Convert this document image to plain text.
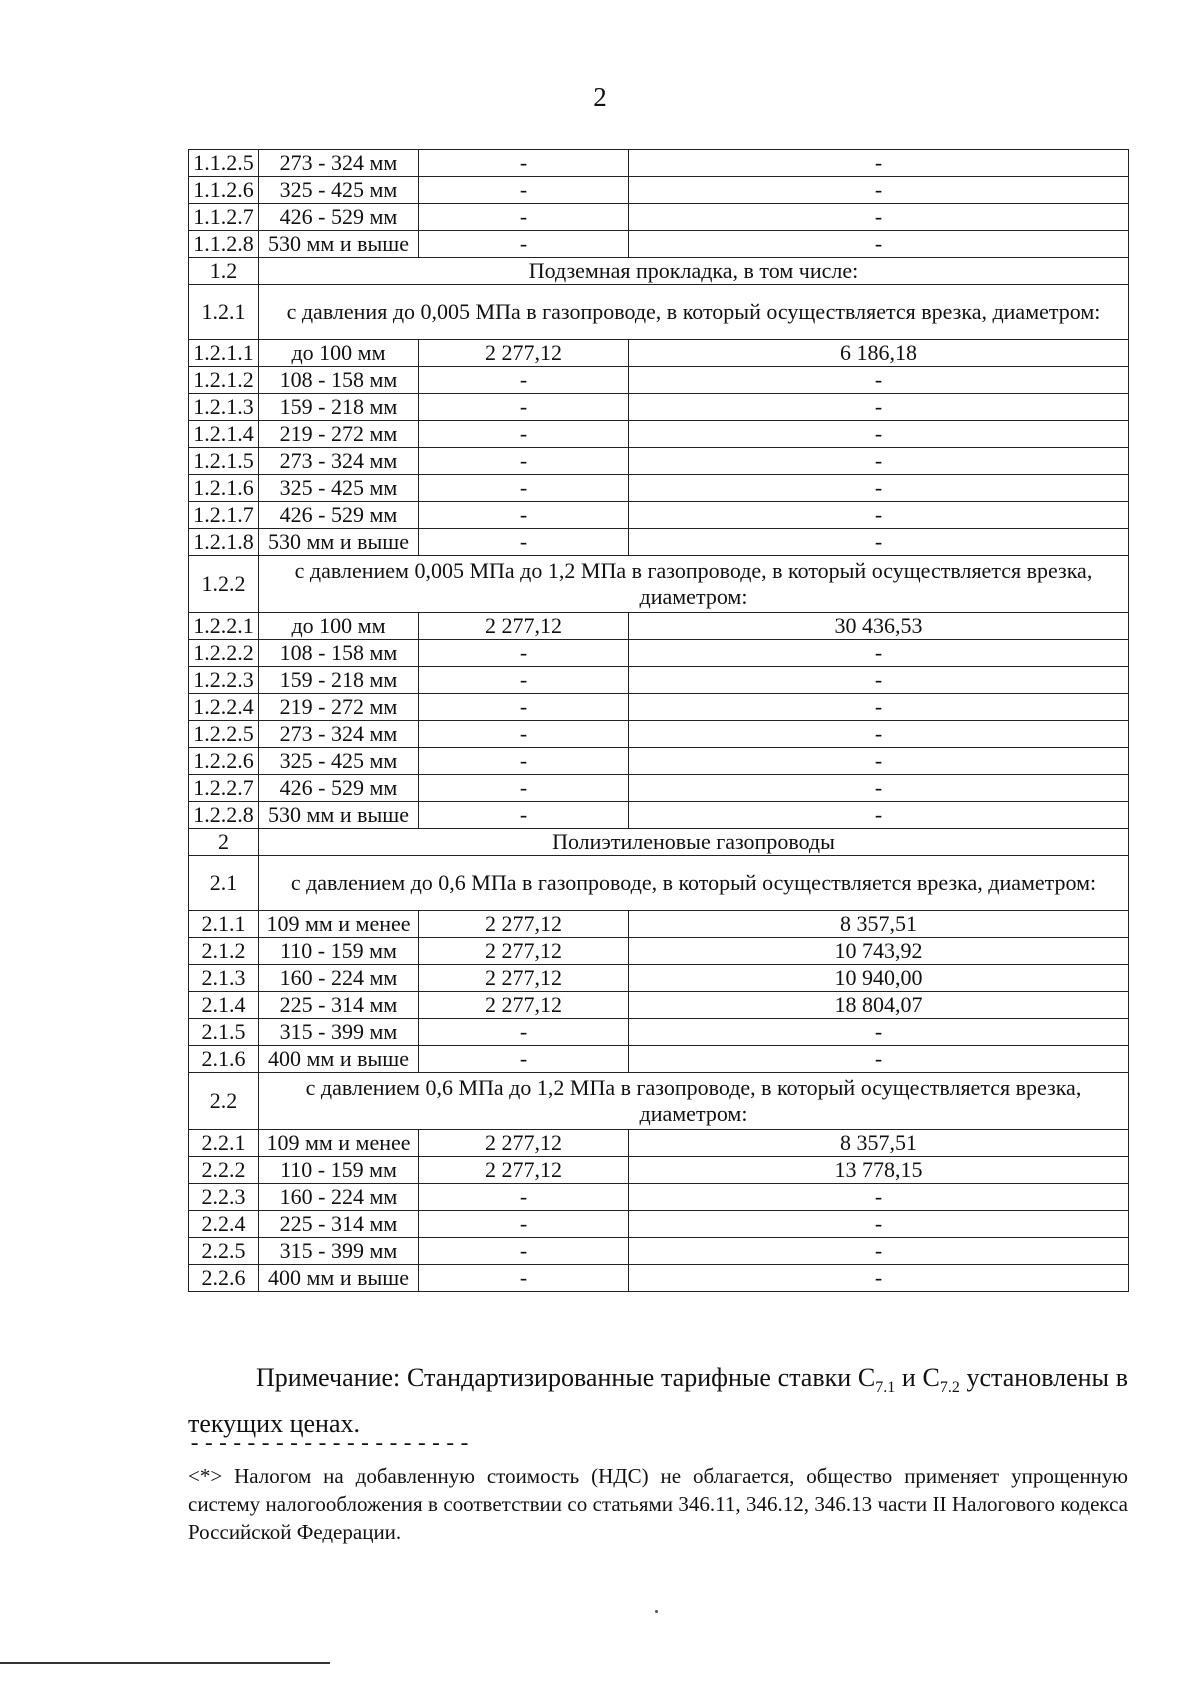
2
1.1.2.5	273 - 324 мм	-	-
1.1.2.6	325 - 425 мм	-	-
1.1.2.7	426 - 529 мм	-	-
1.1.2.8	530 мм и выше	-	-
1.2	Подземная прокладка, в том числе:		
1.2.1	с давления до 0,005 МПа в газопроводе, в который осуществляется врезка, диаметром:		
1.2.1.1	до 100 мм	2 277,12	6 186,18
1.2.1.2	108 - 158 мм	-	-
1.2.1.3	159 - 218 мм	-	-
1.2.1.4	219 - 272 мм	-	-
1.2.1.5	273 - 324 мм	-	-
1.2.1.6	325 - 425 мм	-	-
1.2.1.7	426 - 529 мм	-	-
1.2.1.8	530 мм и выше	-	-
1.2.2	с давлением 0,005 МПа до 1,2 МПа в газопроводе, в который осуществляется врезка, диаметром:		
1.2.2.1	до 100 мм	2 277,12	30 436,53
1.2.2.2	108 - 158 мм	-	-
1.2.2.3	159 - 218 мм	-	-
1.2.2.4	219 - 272 мм	-	-
1.2.2.5	273 - 324 мм	-	-
1.2.2.6	325 - 425 мм	-	-
1.2.2.7	426 - 529 мм	-	-
1.2.2.8	530 мм и выше	-	-
2	Полиэтиленовые газопроводы		
2.1	с давлением до 0,6 МПа в газопроводе, в который осуществляется врезка, диаметром:		
2.1.1	109 мм и менее	2 277,12	8 357,51
2.1.2	110 - 159 мм	2 277,12	10 743,92
2.1.3	160 - 224 мм	2 277,12	10 940,00
2.1.4	225 - 314 мм	2 277,12	18 804,07
2.1.5	315 - 399 мм	-	-
2.1.6	400 мм и выше	-	-
2.2	с давлением 0,6 МПа до 1,2 МПа в газопроводе, в который осуществляется врезка, диаметром:		
2.2.1	109 мм и менее	2 277,12	8 357,51
2.2.2	110 - 159 мм	2 277,12	13 778,15
2.2.3	160 - 224 мм	-	-
2.2.4	225 - 314 мм	-	-
2.2.5	315 - 399 мм	-	-
2.2.6	400 мм и выше	-	-
Примечание: Стандартизированные тарифные ставки $С_{7.1}$ и $С_{7.2}$ установлены в текущих ценах.
--------------------
<*> Налогом на добавленную стоимость (НДС) не облагается, общество применяет упрощенную систему налогообложения в соответствии со статьями 346.11, 346.12, 346.13 части II Налогового кодекса Российской Федерации.
